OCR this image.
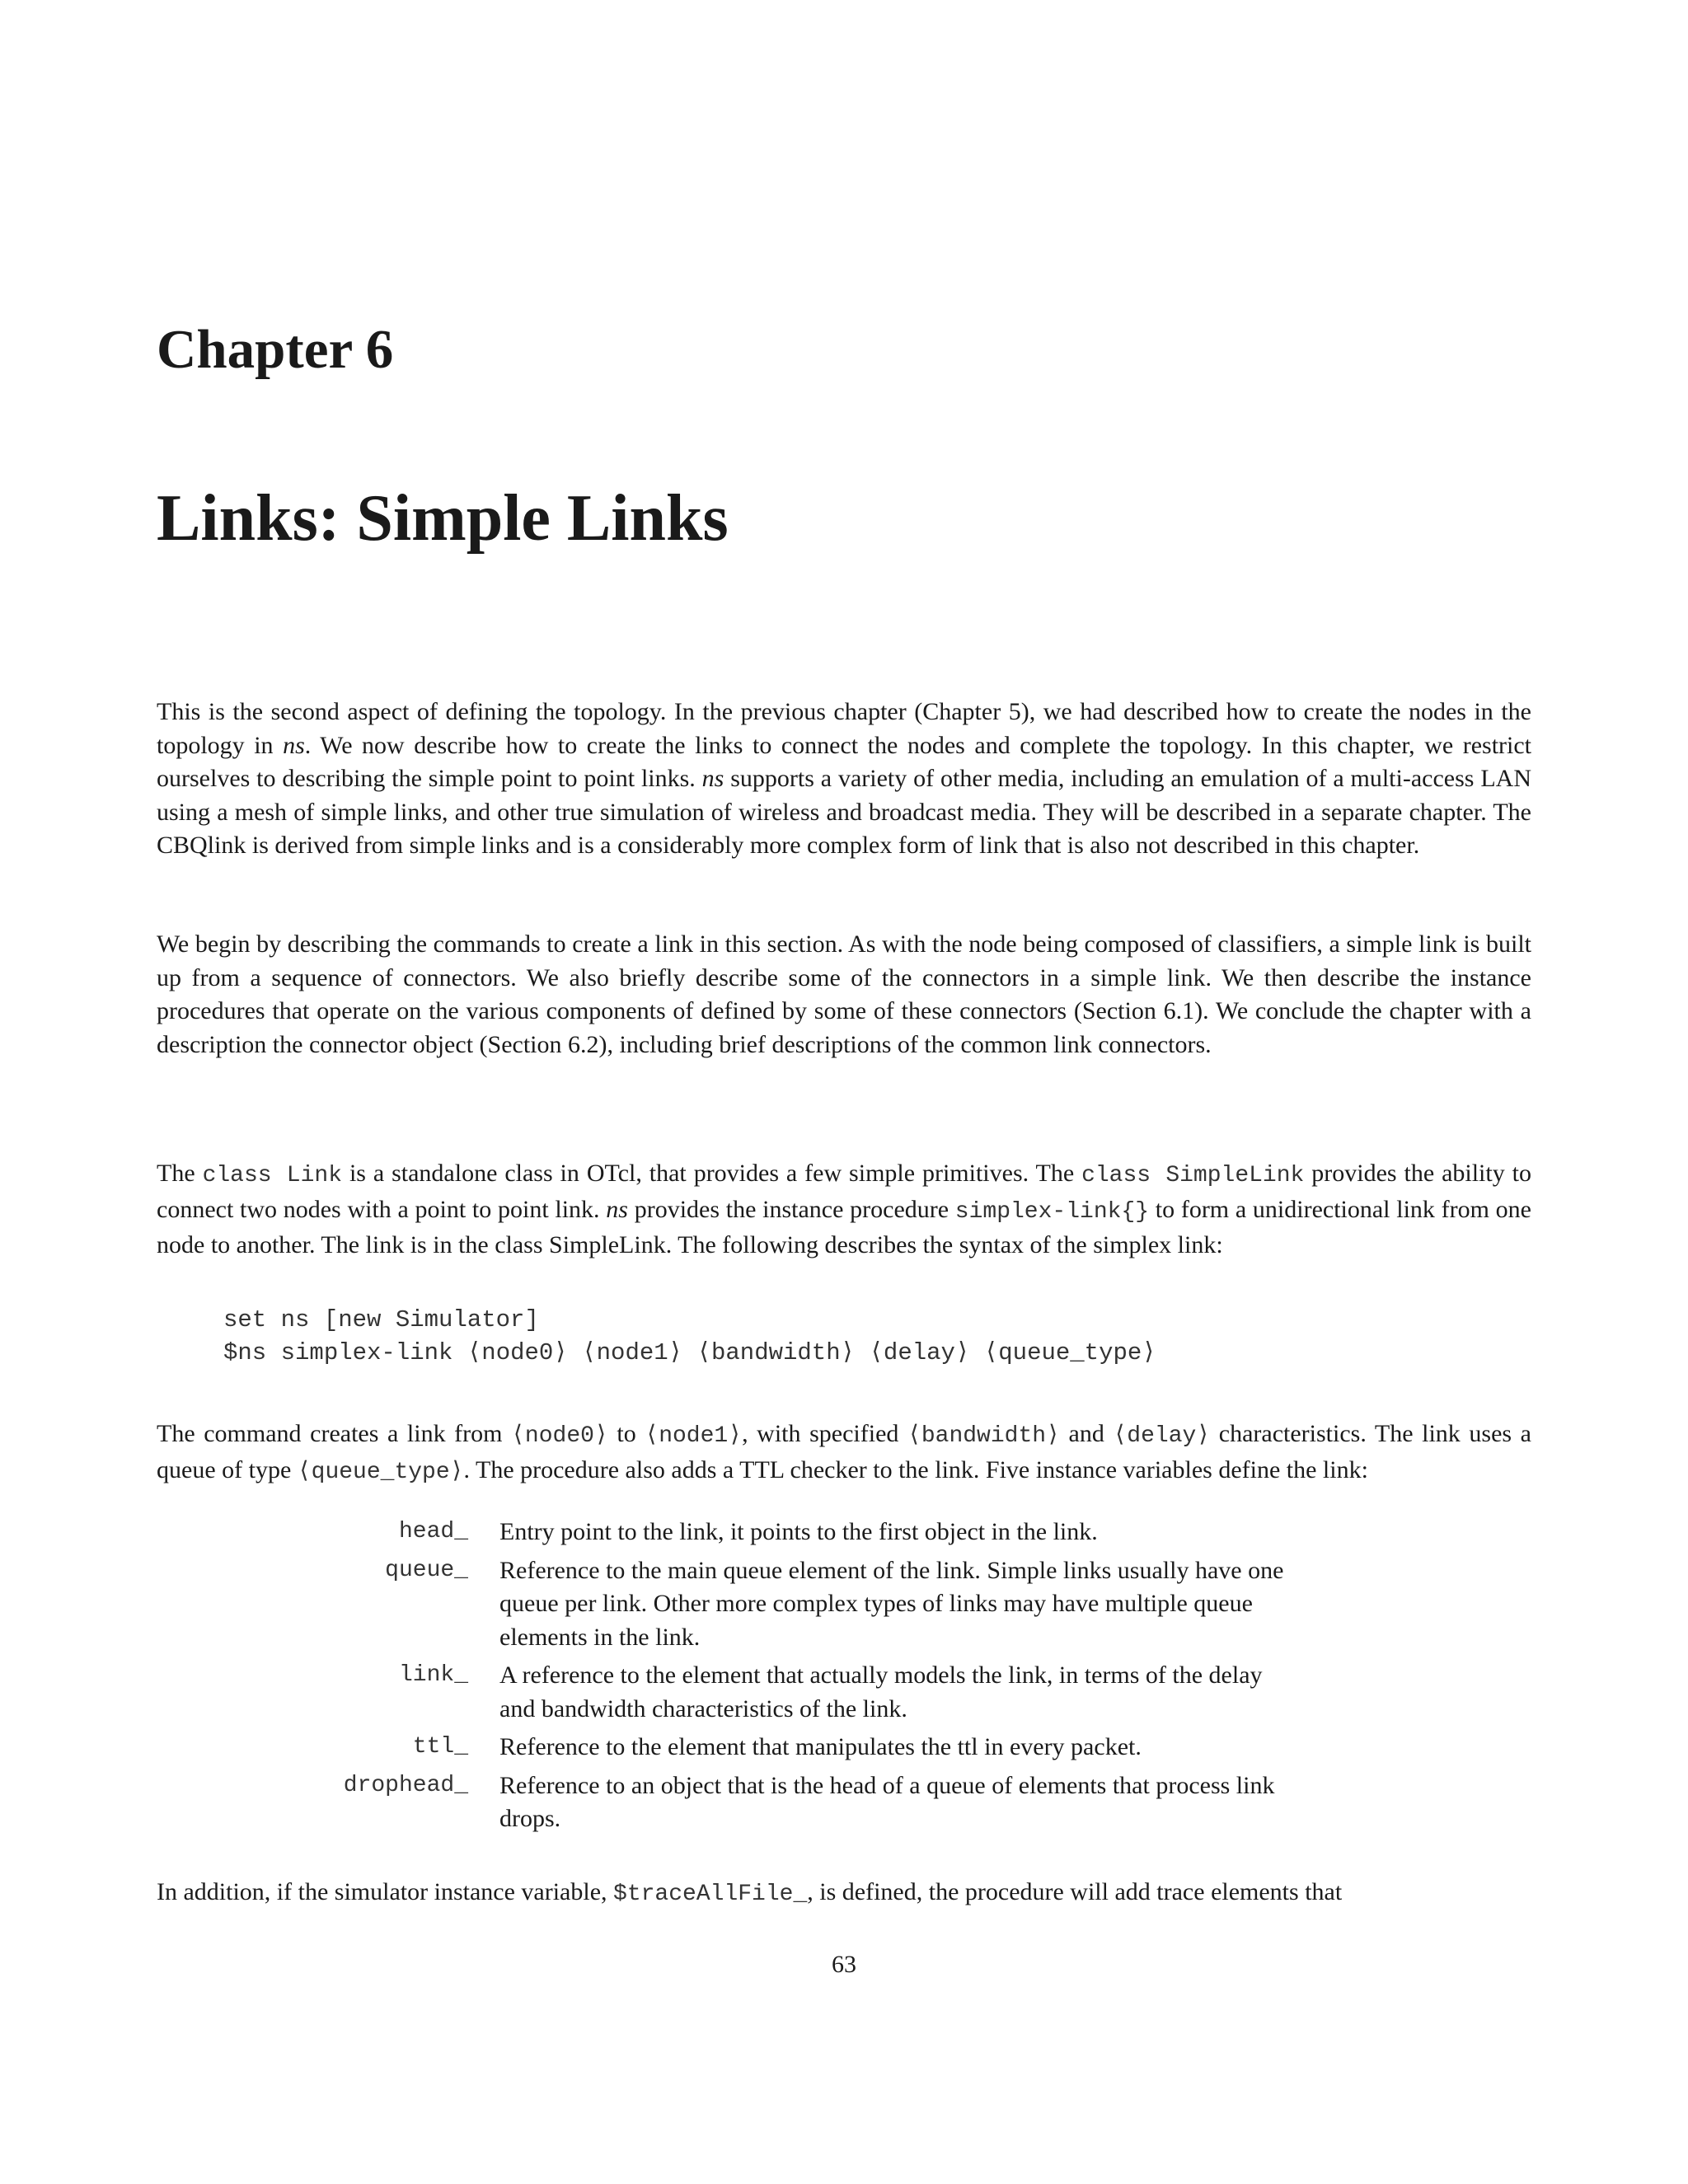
Chapter 6
Links: Simple Links

This is the second aspect of defining the topology. In the previous chapter (Chapter 5), we had described how to create the nodes in the topology in ns. We now describe how to create the links to connect the nodes and complete the topology. In this chapter, we restrict ourselves to describing the simple point to point links. ns supports a variety of other media, including an emulation of a multi-access LAN using a mesh of simple links, and other true simulation of wireless and broadcast media. They will be described in a separate chapter. The CBQlink is derived from simple links and is a considerably more complex form of link that is also not described in this chapter.

We begin by describing the commands to create a link in this section. As with the node being composed of classifiers, a simple link is built up from a sequence of connectors. We also briefly describe some of the connectors in a simple link. We then describe the instance procedures that operate on the various components of defined by some of these connectors (Section 6.1). We conclude the chapter with a description the connector object (Section 6.2), including brief descriptions of the common link connectors.

The class Link is a standalone class in OTcl, that provides a few simple primitives. The class SimpleLink provides the ability to connect two nodes with a point to point link. ns provides the instance procedure simplex-link{} to form a unidirectional link from one node to another. The link is in the class SimpleLink. The following describes the syntax of the simplex link:

set ns [new Simulator]
$ns simplex-link ⟨node0⟩ ⟨node1⟩ ⟨bandwidth⟩ ⟨delay⟩ ⟨queue_type⟩

The command creates a link from ⟨node0⟩ to ⟨node1⟩, with specified ⟨bandwidth⟩ and ⟨delay⟩ characteristics. The link uses a queue of type ⟨queue_type⟩. The procedure also adds a TTL checker to the link. Five instance variables define the link:

head_	Entry point to the link, it points to the first object in the link.
queue_	Reference to the main queue element of the link. Simple links usually have one queue per link. Other more complex types of links may have multiple queue elements in the link.
link_	A reference to the element that actually models the link, in terms of the delay and bandwidth characteristics of the link.
ttl_	Reference to the element that manipulates the ttl in every packet.
drophead_	Reference to an object that is the head of a queue of elements that process link drops.

In addition, if the simulator instance variable, $traceAllFile_, is defined, the procedure will add trace elements that

63
